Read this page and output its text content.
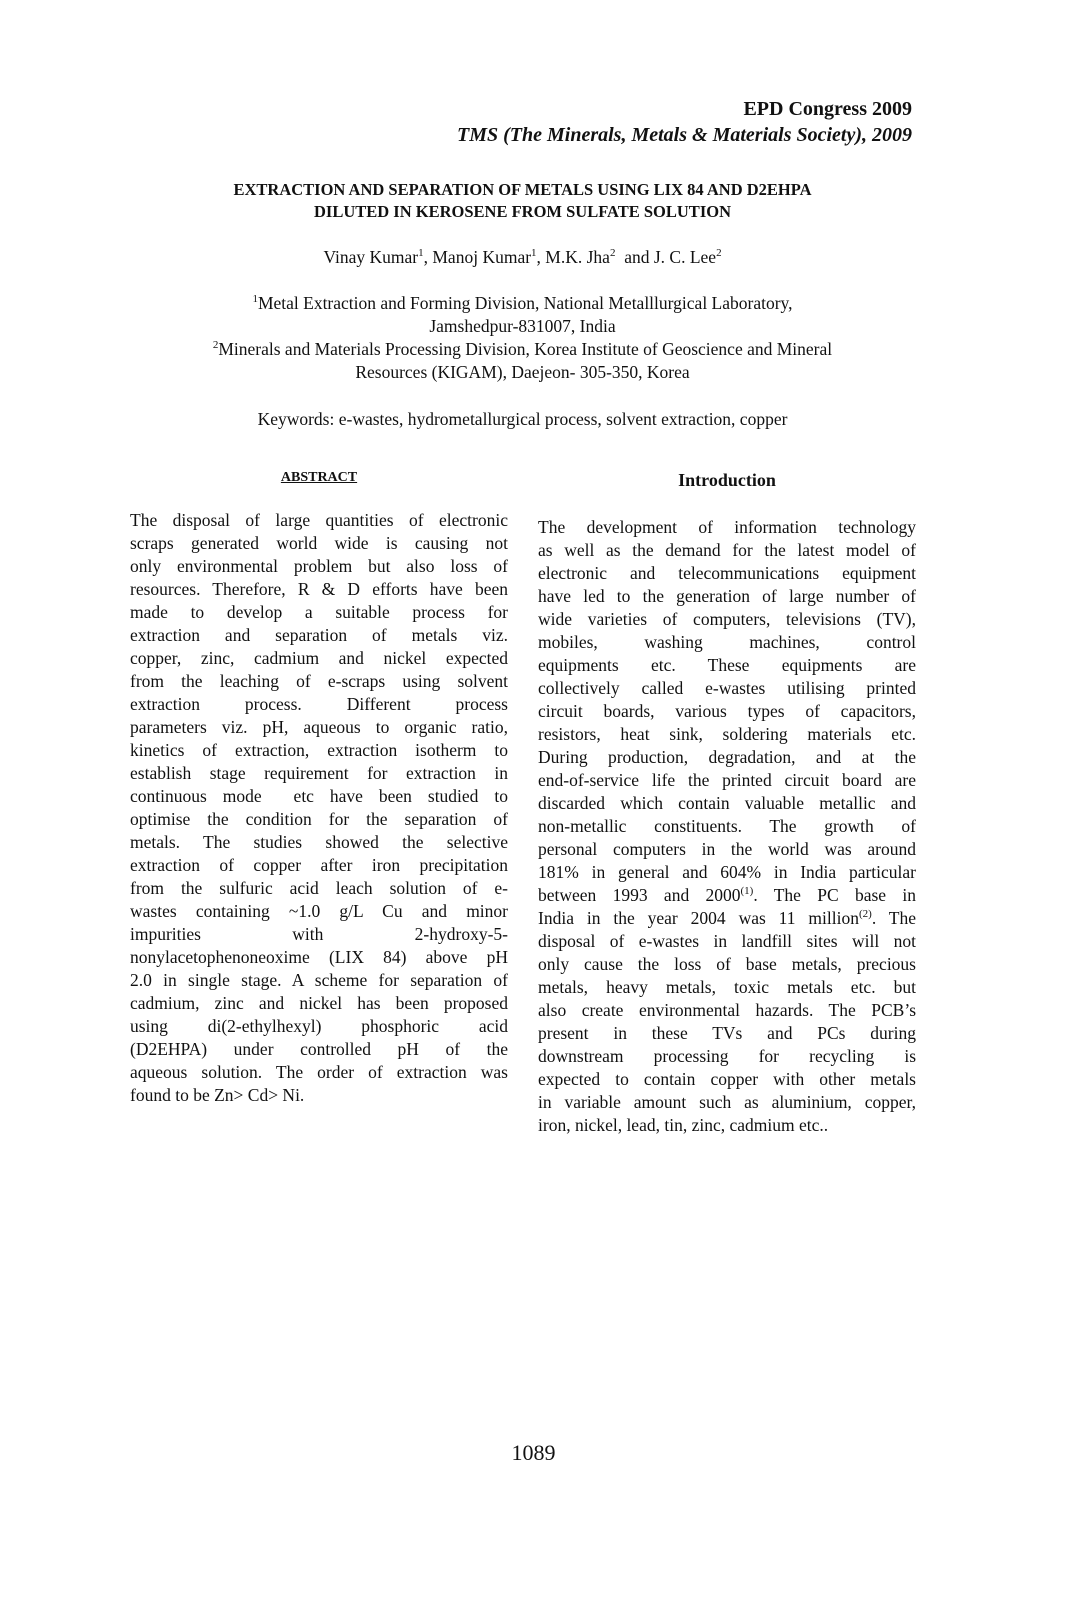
EPD Congress 2009
TMS (The Minerals, Metals & Materials Society), 2009
EXTRACTION AND SEPARATION OF METALS USING LIX 84 AND D2EHPA
DILUTED IN KEROSENE FROM SULFATE SOLUTION
Vinay Kumar$^1$, Manoj Kumar$^1$, M.K. Jha$^2$  and J. C. Lee$^2$
$^1$Metal Extraction and Forming Division, National Metalllurgical Laboratory,
Jamshedpur-831007, India
$^2$Minerals and Materials Processing Division, Korea Institute of Geoscience and Mineral
Resources (KIGAM), Daejeon- 305-350, Korea
Keywords: e-wastes, hydrometallurgical process, solvent extraction, copper
ABSTRACT	Introduction
The disposal of large quantities of electronic
scraps generated world wide is causing not
only environmental problem but also loss of
resources. Therefore, R & D efforts have been
made to develop a suitable process for
extraction and separation of metals viz.
copper, zinc, cadmium and nickel expected
from the leaching of e-scraps using solvent
extraction process. Different process
parameters viz. pH, aqueous to organic ratio,
kinetics of extraction, extraction isotherm to
establish stage requirement for extraction in
continuous mode  etc have been studied to
optimise the condition for the separation of
metals. The studies showed the selective
extraction of copper after iron precipitation
from the sulfuric acid leach solution of e-
wastes containing ~1.0 g/L Cu and minor
impurities with 2-hydroxy-5-
nonylacetophenoneoxime (LIX 84) above pH
2.0 in single stage. A scheme for separation of
cadmium, zinc and nickel has been proposed
using di(2-ethylhexyl) phosphoric acid
(D2EHPA) under controlled pH of the
aqueous solution. The order of extraction was
found to be Zn> Cd> Ni.
The development of information technology
as well as the demand for the latest model of
electronic and telecommunications equipment
have led to the generation of large number of
wide varieties of computers, televisions (TV),
mobiles, washing machines, control
equipments etc. These equipments are
collectively called e-wastes utilising printed
circuit boards, various types of capacitors,
resistors, heat sink, soldering materials etc.
During production, degradation, and at the
end-of-service life the printed circuit board are
discarded which contain valuable metallic and
non-metallic constituents. The growth of
personal computers in the world was around
181% in general and 604% in India particular
between 1993 and 2000$^{(1)}$. The PC base in
India in the year 2004 was 11 million$^{(2)}$. The
disposal of e-wastes in landfill sites will not
only cause the loss of base metals, precious
metals, heavy metals, toxic metals etc. but
also create environmental hazards. The PCB’s
present in these TVs and PCs during
downstream processing for recycling is
expected to contain copper with other metals
in variable amount such as aluminium, copper,
iron, nickel, lead, tin, zinc, cadmium etc..
1089
